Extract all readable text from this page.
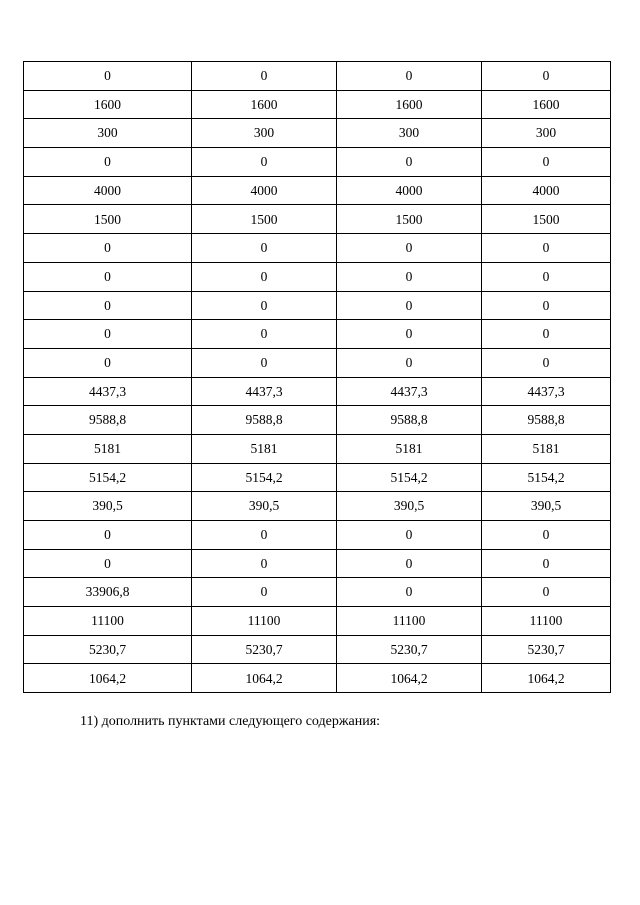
0	0	0	0
1600	1600	1600	1600
300	300	300	300
0	0	0	0
4000	4000	4000	4000
1500	1500	1500	1500
0	0	0	0
0	0	0	0
0	0	0	0
0	0	0	0
0	0	0	0
4437,3	4437,3	4437,3	4437,3
9588,8	9588,8	9588,8	9588,8
5181	5181	5181	5181
5154,2	5154,2	5154,2	5154,2
390,5	390,5	390,5	390,5
0	0	0	0
0	0	0	0
33906,8	0	0	0
11100	11100	11100	11100
5230,7	5230,7	5230,7	5230,7
1064,2	1064,2	1064,2	1064,2

11) дополнить пунктами следующего содержания:
